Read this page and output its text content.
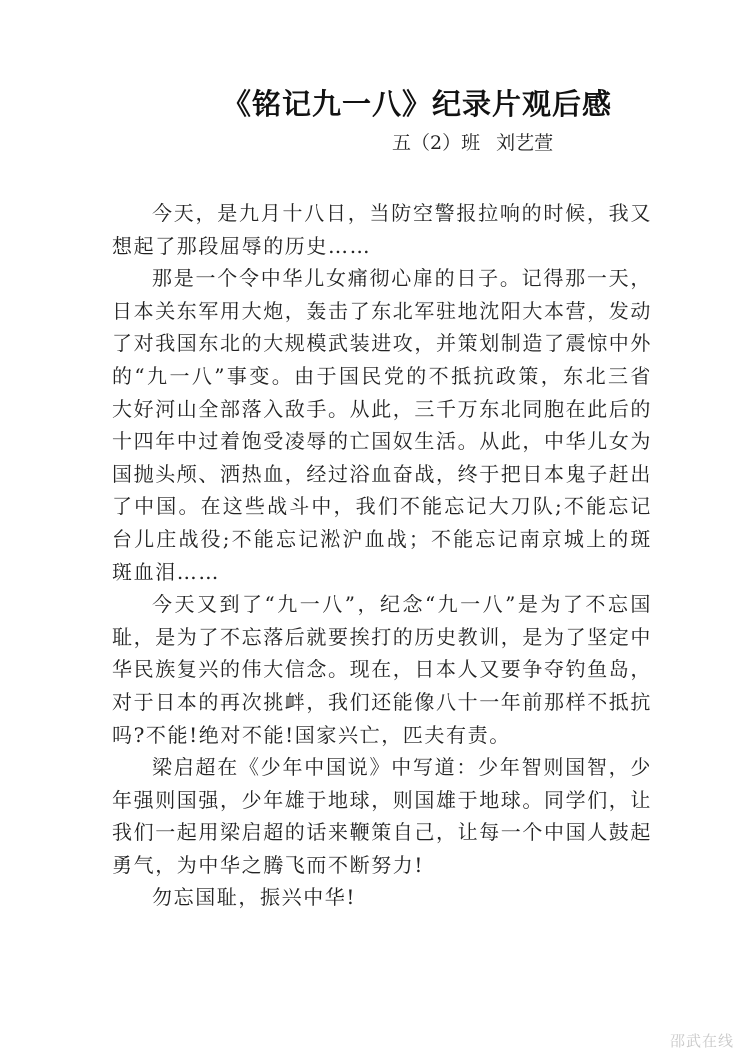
《铭记九一八》纪录片观后感
五（2）班 刘艺萱

今天，是九月十八日，当防空警报拉响的时候，我又想起了那段屈辱的历史……

那是一个令中华儿女痛彻心扉的日子。记得那一天，日本关东军用大炮，轰击了东北军驻地沈阳大本营，发动了对我国东北的大规模武装进攻，并策划制造了震惊中外的“九一八”事变。由于国民党的不抵抗政策，东北三省大好河山全部落入敌手。从此，三千万东北同胞在此后的十四年中过着饱受凌辱的亡国奴生活。从此，中华儿女为国抛头颅、洒热血，经过浴血奋战，终于把日本鬼子赶出了中国。在这些战斗中，我们不能忘记大刀队;不能忘记台儿庄战役;不能忘记淞沪血战；不能忘记南京城上的斑斑血泪……

今天又到了“九一八”，纪念“九一八”是为了不忘国耻，是为了不忘落后就要挨打的历史教训，是为了坚定中华民族复兴的伟大信念。现在，日本人又要争夺钓鱼岛，对于日本的再次挑衅，我们还能像八十一年前那样不抵抗吗?不能!绝对不能!国家兴亡，匹夫有责。

梁启超在《少年中国说》中写道：少年智则国智，少年强则国强，少年雄于地球，则国雄于地球。同学们，让我们一起用梁启超的话来鞭策自己，让每一个中国人鼓起勇气，为中华之腾飞而不断努力!

勿忘国耻，振兴中华!

邵武在线
